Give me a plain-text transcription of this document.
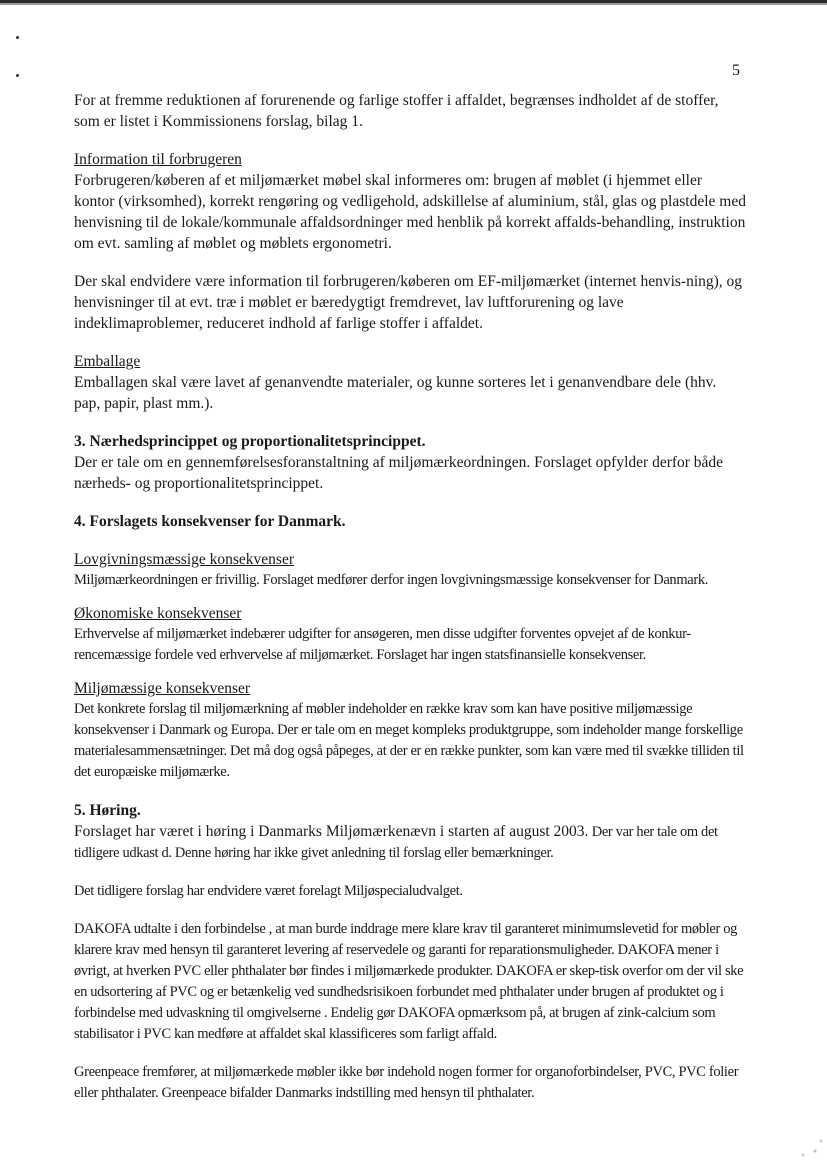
5

For at fremme reduktionen af forurenende og farlige stoffer i affaldet, begrænses indholdet af de stoffer, som er listet i Kommissionens forslag, bilag 1.

Information til forbrugeren

Forbrugeren/køberen af et miljømærket møbel skal informeres om: brugen af møblet (i hjemmet eller kontor (virksomhed), korrekt rengøring og vedligehold, adskillelse af aluminium, stål, glas og plastdele med henvisning til de lokale/kommunale affaldsordninger med henblik på korrekt affalds-behandling, instruktion om evt. samling af møblet og møblets ergonometri.

Der skal endvidere være information til forbrugeren/køberen om EF-miljømærket (internet henvis-ning), og henvisninger til at evt. træ i møblet er bæredygtigt fremdrevet, lav luftforurening og lave indeklimaproblemer, reduceret indhold af farlige stoffer i affaldet.

Emballage

Emballagen skal være lavet af genanvendte materialer, og kunne sorteres let i genanvendbare dele (hhv. pap, papir, plast mm.).

3. Nærhedsprincippet og proportionalitetsprincippet.

Der er tale om en gennemførelsesforanstaltning af miljømærkeordningen. Forslaget opfylder derfor både nærheds- og proportionalitetsprincippet.

4. Forslagets konsekvenser for Danmark.

Lovgivningsmæssige konsekvenser

Miljømærkeordningen er frivillig. Forslaget medfører derfor ingen lovgivningsmæssige konsekvenser for Danmark.

Økonomiske konsekvenser

Erhvervelse af miljømærket indebærer udgifter for ansøgeren, men disse udgifter forventes opvejet af de konkur-rencemæssige fordele ved erhvervelse af miljømærket. Forslaget har ingen statsfinansielle konsekvenser.

Miljømæssige konsekvenser

Det konkrete forslag til miljømærkning af møbler indeholder en række krav som kan have positive miljømæssige konsekvenser i Danmark og Europa. Der er tale om en meget kompleks produktgruppe, som indeholder mange forskellige materialesammensætninger. Det må dog også påpeges, at der er en række punkter, som kan være med til svække tilliden til det europæiske miljømærke.

5. Høring.

Forslaget har været i høring i Danmarks Miljømærkenævn i starten af august 2003. Der var her tale om det tidligere udkast d. Denne høring har ikke givet anledning til forslag eller bemærkninger.

Det tidligere forslag har endvidere været forelagt Miljøspecialudvalget.

DAKOFA udtalte i den forbindelse , at man burde inddrage mere klare krav til garanteret minimumslevetid for møbler og klarere krav med hensyn til garanteret levering af reservedele og garanti for reparationsmuligheder. DAKOFA mener i øvrigt, at hverken PVC eller phthalater bør findes i miljømærkede produkter. DAKOFA er skep-tisk overfor om der vil ske en udsortering af PVC og er betænkelig ved sundhedsrisikoen forbundet med phthalater under brugen af produktet og i forbindelse med udvaskning til omgivelserne . Endelig gør DAKOFA opmærksom på, at brugen af zink-calcium som stabilisator i PVC kan medføre at affaldet skal klassificeres som farligt affald.

Greenpeace fremfører, at miljømærkede møbler ikke bør indehold nogen former for organoforbindelser, PVC, PVC folier eller phthalater. Greenpeace bifalder Danmarks indstilling med hensyn til phthalater.
